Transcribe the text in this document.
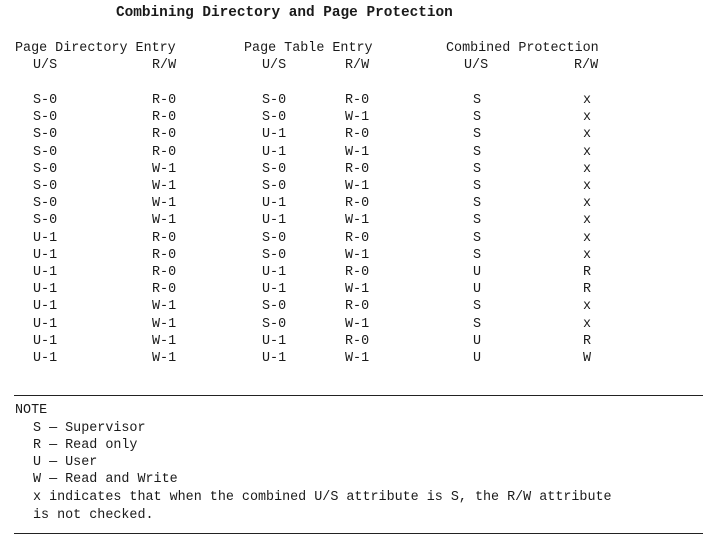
Combining Directory and Page Protection
Page Directory Entry	Page Table Entry	Combined Protection
U/S	R/W	U/S	R/W	U/S	R/W
S-0	R-0	S-0	R-0	S	x
S-0	R-0	S-0	W-1	S	x
S-0	R-0	U-1	R-0	S	x
S-0	R-0	U-1	W-1	S	x
S-0	W-1	S-0	R-0	S	x
S-0	W-1	S-0	W-1	S	x
S-0	W-1	U-1	R-0	S	x
S-0	W-1	U-1	W-1	S	x
U-1	R-0	S-0	R-0	S	x
U-1	R-0	S-0	W-1	S	x
U-1	R-0	U-1	R-0	U	R
U-1	R-0	U-1	W-1	U	R
U-1	W-1	S-0	R-0	S	x
U-1	W-1	S-0	W-1	S	x
U-1	W-1	U-1	R-0	U	R
U-1	W-1	U-1	W-1	U	W
NOTE
S — Supervisor
R — Read only
U — User
W — Read and Write
x indicates that when the combined U/S attribute is S, the R/W attribute
is not checked.
